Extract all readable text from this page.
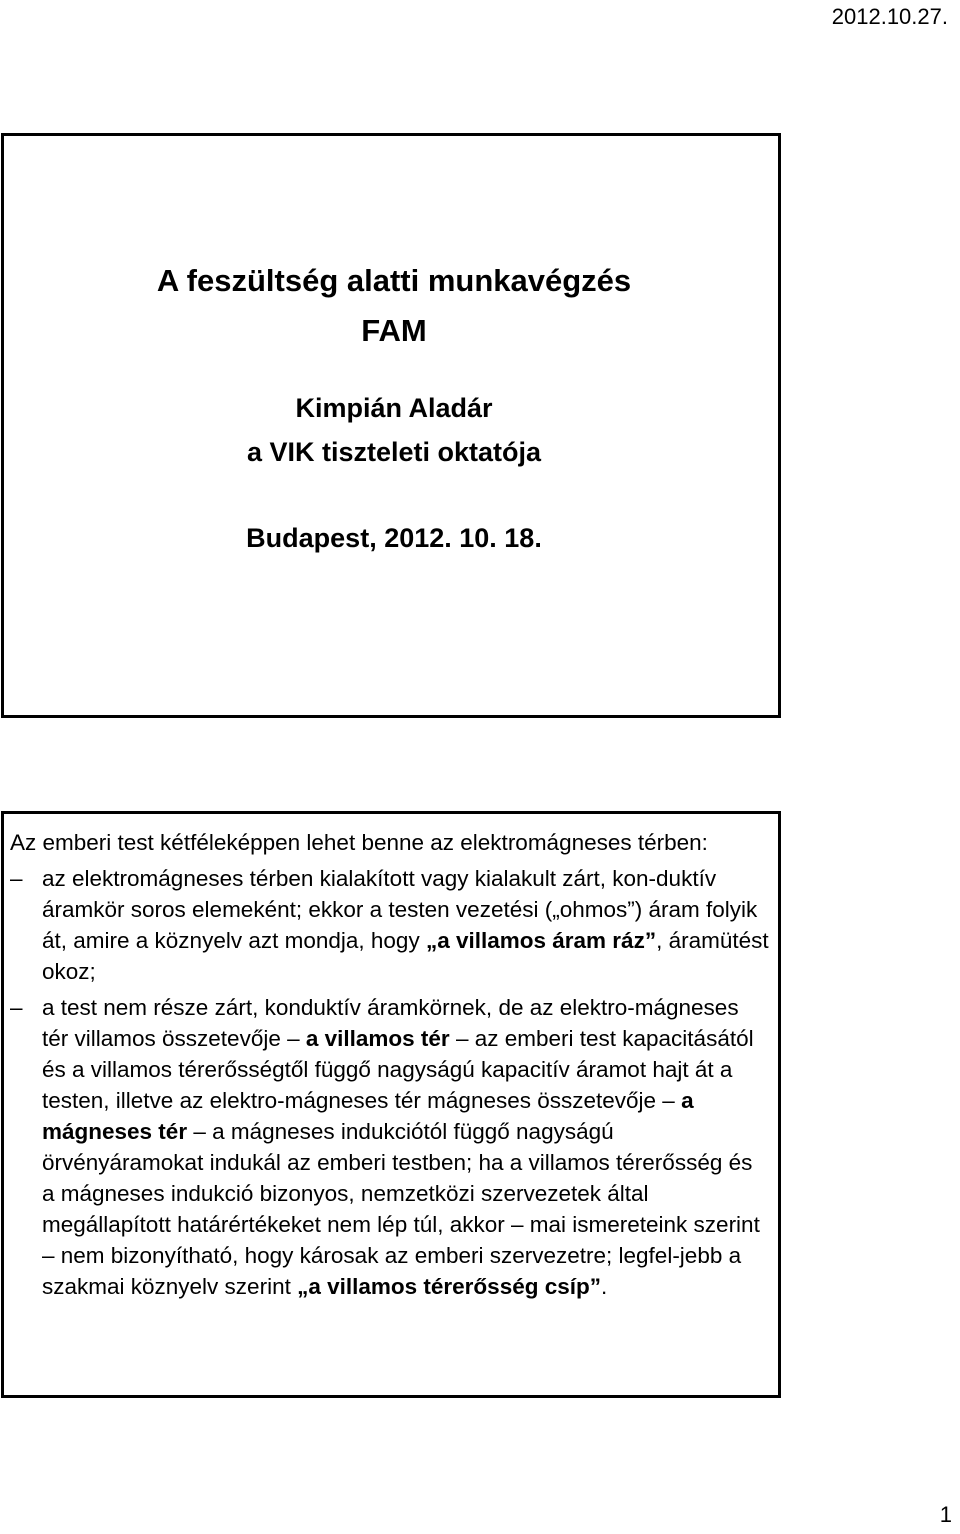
2012.10.27.
A feszültség alatti munkavégzés
FAM
Kimpián Aladár
a VIK tiszteleti oktatója
Budapest, 2012. 10. 18.

Az emberi test kétféleképpen lehet benne az elektromágneses térben:

– az elektromágneses térben kialakított vagy kialakult zárt, kon-duktív áramkör soros elemeként; ekkor a testen vezetési („ohmos”) áram folyik át, amire a köznyelv azt mondja, hogy „a villamos áram ráz”, áramütést okoz;
– a test nem része zárt, konduktív áramkörnek, de az elektro-mágneses tér villamos összetevője – a villamos tér – az emberi test kapacitásától és a villamos térerősségtől függő nagyságú kapacitív áramot hajt át a testen, illetve az elektro-mágneses tér mágneses összetevője – a mágneses tér – a mágneses indukciótól függő nagyságú örvényáramokat indukál az emberi testben; ha a villamos térerősség és a mágneses indukció bizonyos, nemzetközi szervezetek által megállapított határértékeket nem lép túl, akkor – mai ismereteink szerint – nem bizonyítható, hogy károsak az emberi szervezetre; legfel-jebb a szakmai köznyelv szerint „a villamos térerősség csíp”.
1
